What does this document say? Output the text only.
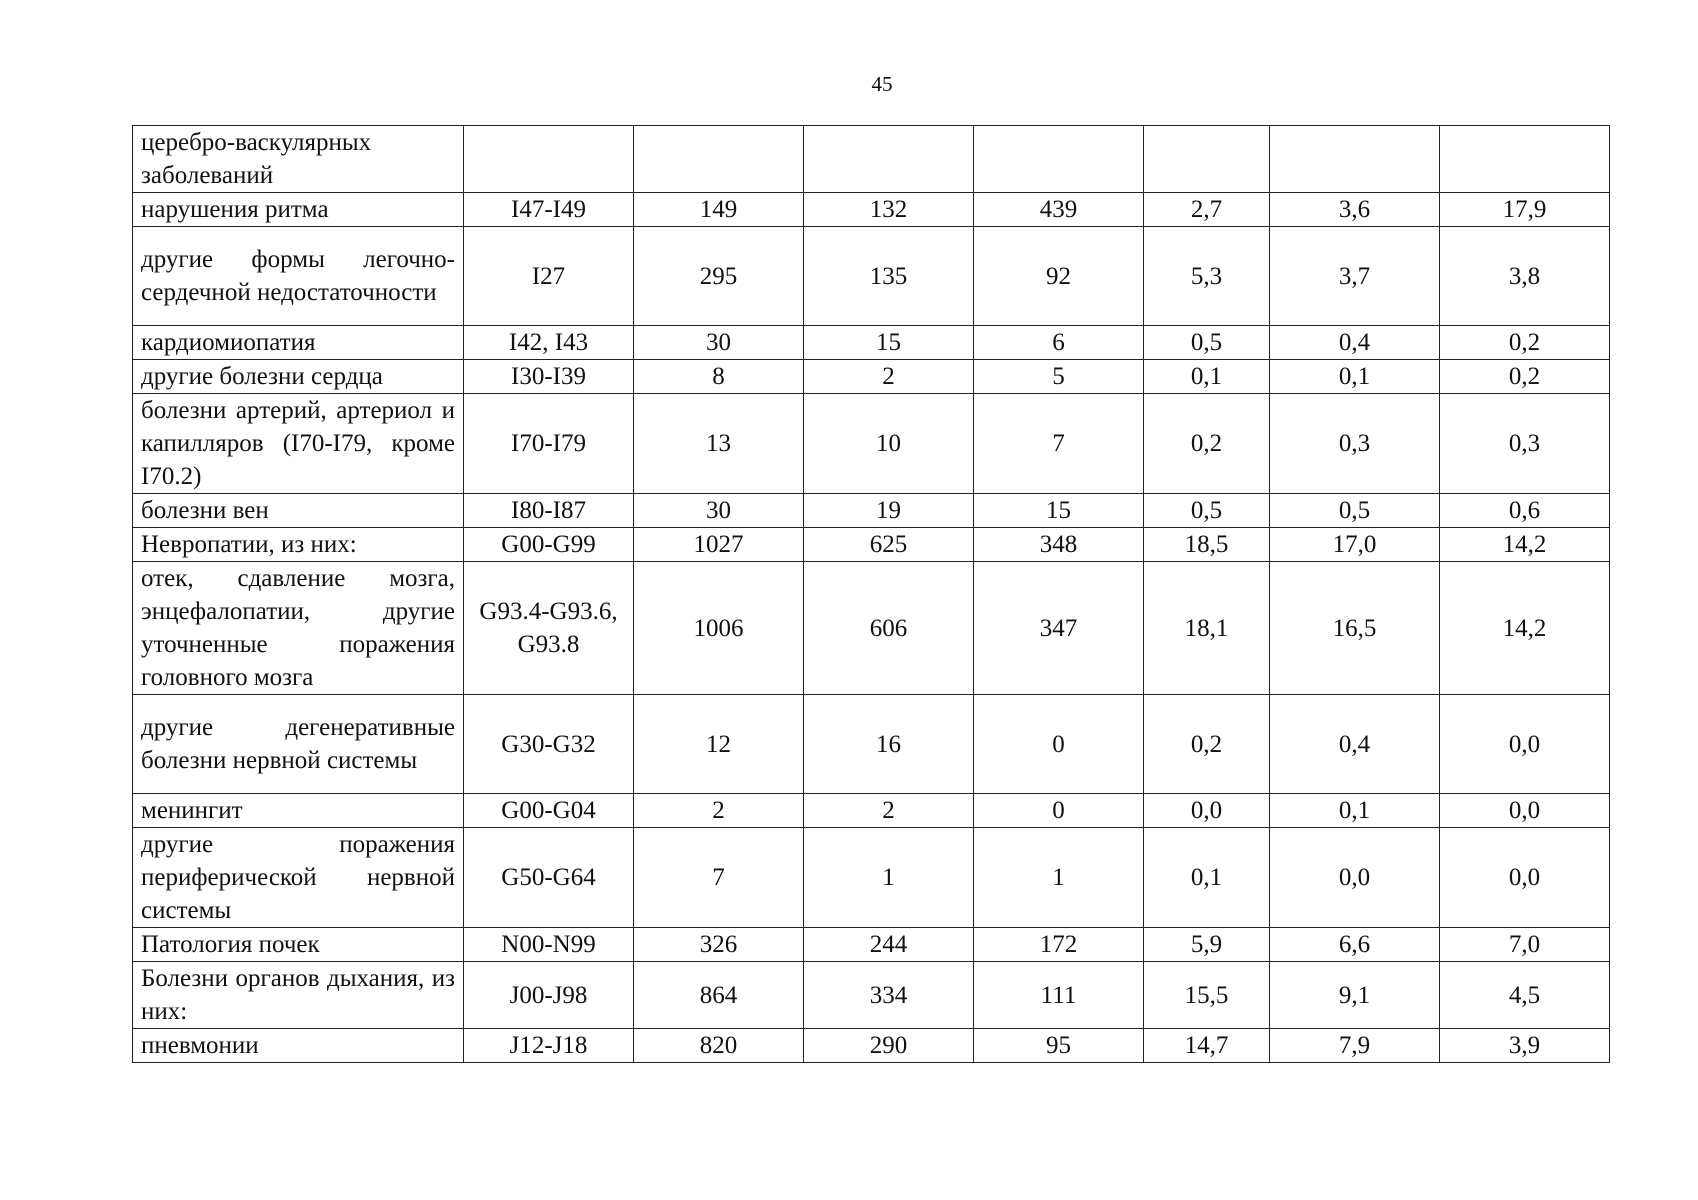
45
церебро-васкулярных заболеваний							
нарушения ритма	I47-I49	149	132	439	2,7	3,6	17,9
другие формы легочно-сердечной недостаточности	I27	295	135	92	5,3	3,7	3,8
кардиомиопатия	I42, I43	30	15	6	0,5	0,4	0,2
другие болезни сердца	I30-I39	8	2	5	0,1	0,1	0,2
болезни артерий, артериол и капилляров (I70-I79, кроме I70.2)	I70-I79	13	10	7	0,2	0,3	0,3
болезни вен	I80-I87	30	19	15	0,5	0,5	0,6
Невропатии, из них:	G00-G99	1027	625	348	18,5	17,0	14,2
отек, сдавление мозга, энцефалопатии, другие уточненные поражения головного мозга	G93.4-G93.6, G93.8	1006	606	347	18,1	16,5	14,2
другие дегенеративные болезни нервной системы	G30-G32	12	16	0	0,2	0,4	0,0
менингит	G00-G04	2	2	0	0,0	0,1	0,0
другие поражения периферической нервной системы	G50-G64	7	1	1	0,1	0,0	0,0
Патология почек	N00-N99	326	244	172	5,9	6,6	7,0
Болезни органов дыхания, из них:	J00-J98	864	334	111	15,5	9,1	4,5
пневмонии	J12-J18	820	290	95	14,7	7,9	3,9
